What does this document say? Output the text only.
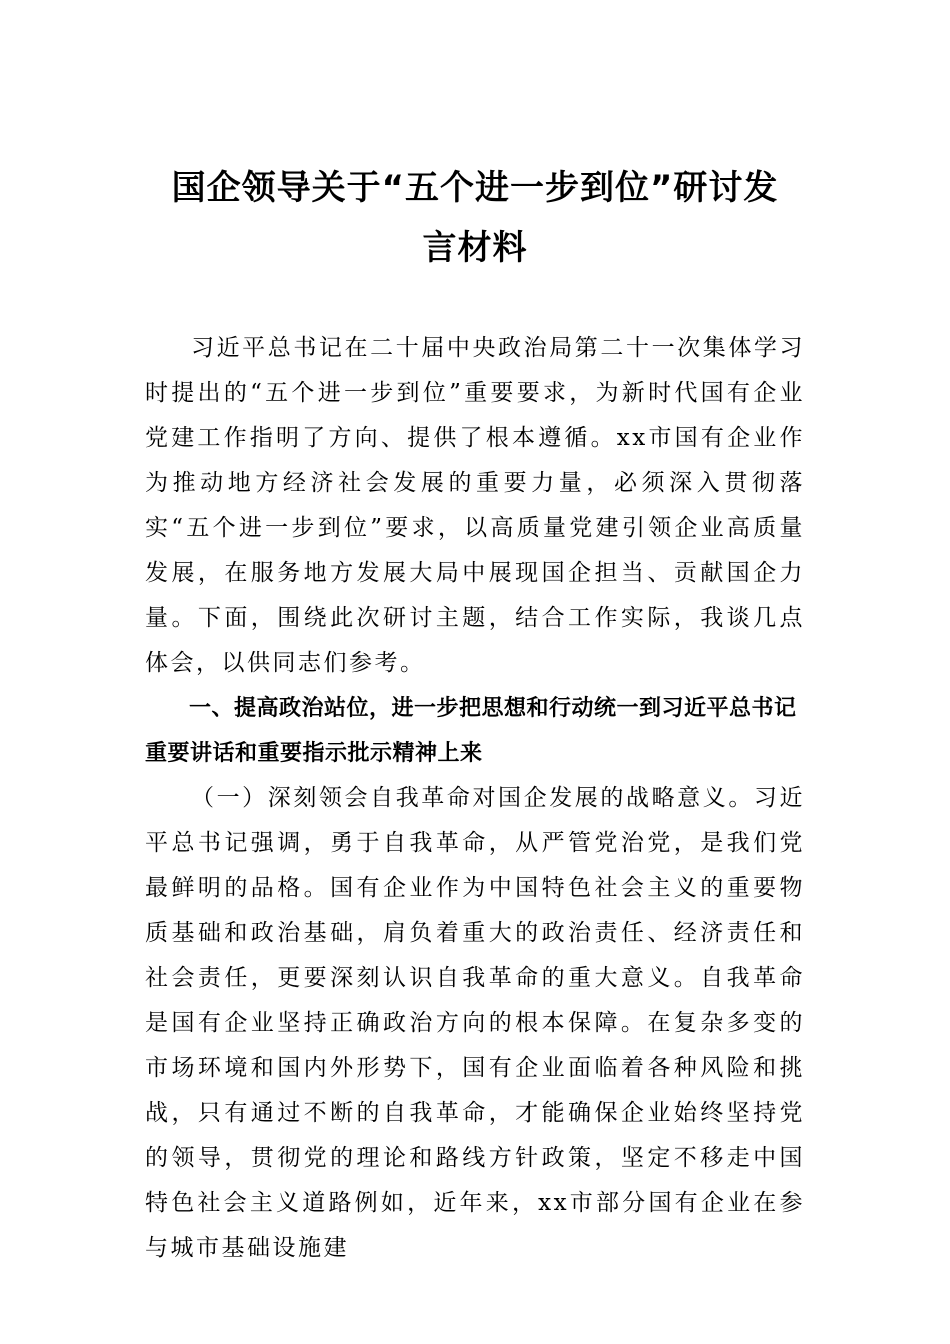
国企领导关于“五个进一步到位”研讨发
言材料

习近平总书记在二十届中央政治局第二十一次集体学习时提出的“五个进一步到位”重要要求，为新时代国有企业党建工作指明了方向、提供了根本遵循。xx市国有企业作为推动地方经济社会发展的重要力量，必须深入贯彻落实“五个进一步到位”要求，以高质量党建引领企业高质量发展，在服务地方发展大局中展现国企担当、贡献国企力量。下面，围绕此次研讨主题，结合工作实际，我谈几点体会，以供同志们参考。

一、提高政治站位，进一步把思想和行动统一到习近平总书记重要讲话和重要指示批示精神上来

（一）深刻领会自我革命对国企发展的战略意义。习近平总书记强调，勇于自我革命，从严管党治党，是我们党最鲜明的品格。国有企业作为中国特色社会主义的重要物质基础和政治基础，肩负着重大的政治责任、经济责任和社会责任，更要深刻认识自我革命的重大意义。自我革命是国有企业坚持正确政治方向的根本保障。在复杂多变的市场环境和国内外形势下，国有企业面临着各种风险和挑战，只有通过不断的自我革命，才能确保企业始终坚持党的领导，贯彻党的理论和路线方针政策，坚定不移走中国特色社会主义道路例如，近年来，xx市部分国有企业在参与城市基础设施建
